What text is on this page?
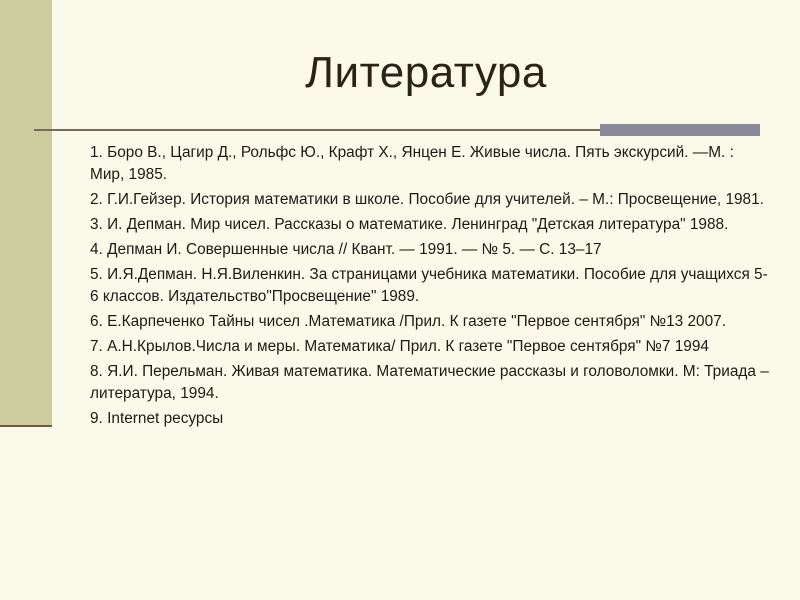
Литература
1. Боро В., Цагир Д., Рольфс Ю., Крафт Х., Янцен Е. Живые числа. Пять экскурсий. —М. : Мир, 1985.
2. Г.И.Гейзер. История математики в школе. Пособие для учителей. – М.: Просвещение, 1981.
3. И. Депман. Мир чисел. Рассказы о математике. Ленинград "Детская литература" 1988.
4. Депман И. Совершенные числа // Квант. — 1991. — № 5. — С. 13–17
5. И.Я.Депман. Н.Я.Виленкин. За страницами учебника математики. Пособие для учащихся 5-6 классов. Издательство"Просвещение" 1989.
6. Е.Карпеченко Тайны чисел .Математика /Прил. К газете "Первое сентября" №13 2007.
7. А.Н.Крылов.Числа и меры. Математика/ Прил. К газете "Первое сентября" №7 1994
8. Я.И. Перельман. Живая математика. Математические рассказы и головоломки. М: Триада – литература, 1994.
9. Internet ресурсы
